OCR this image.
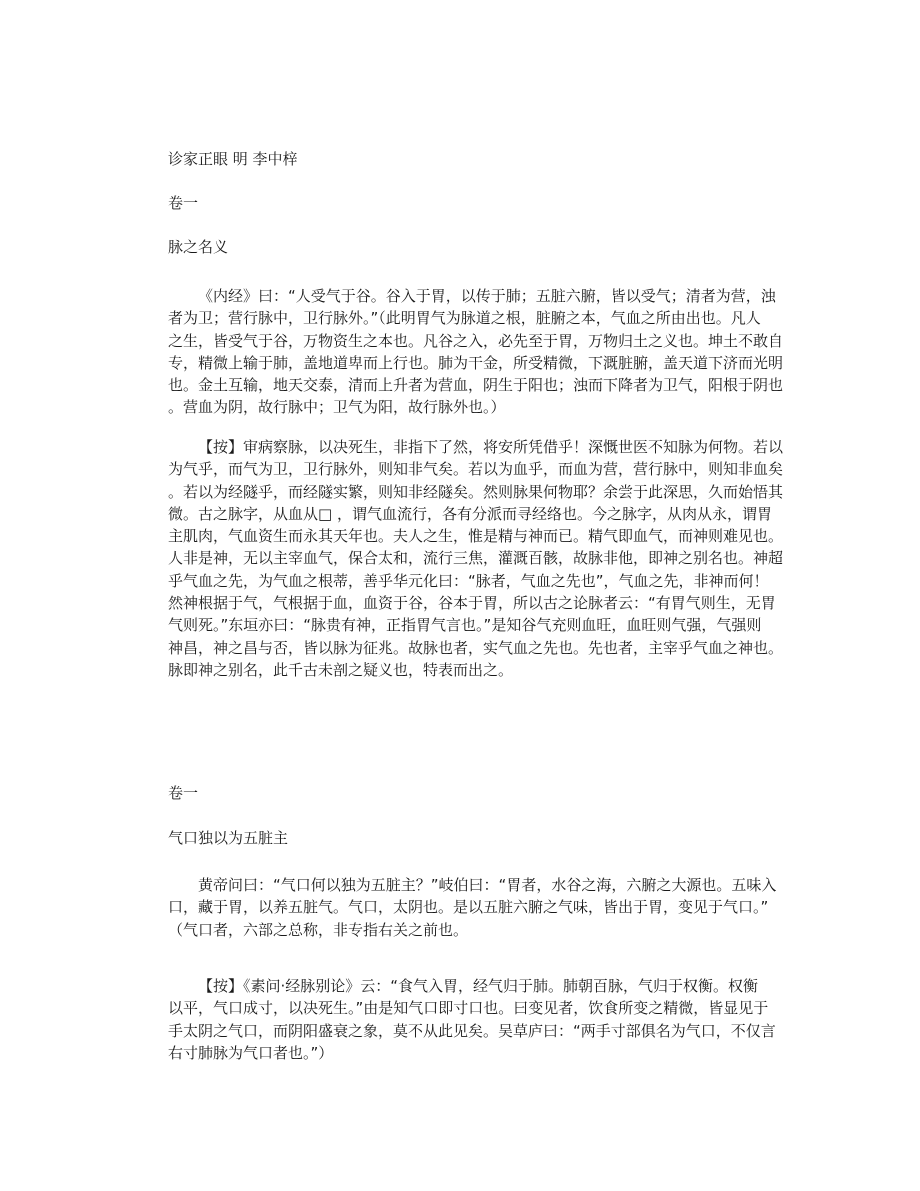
诊家正眼 明 李中梓
卷一
脉之名义
《内经》曰：“人受气于谷。谷入于胃，以传于肺；五脏六腑，皆以受气；清者为营，浊
者为卫；营行脉中，卫行脉外。”（此明胃气为脉道之根，脏腑之本，气血之所由出也。凡人
之生，皆受气于谷，万物资生之本也。凡谷之入，必先至于胃，万物归土之义也。坤土不敢自
专，精微上输于肺，盖地道卑而上行也。肺为干金，所受精微，下溉脏腑，盖天道下济而光明
也。金土互输，地天交泰，清而上升者为营血，阴生于阳也；浊而下降者为卫气，阳根于阴也
。营血为阴，故行脉中；卫气为阳，故行脉外也。）
【按】审病察脉，以决死生，非指下了然，将安所凭借乎！深慨世医不知脉为何物。若以
为气乎，而气为卫，卫行脉外，则知非气矣。若以为血乎，而血为营，营行脉中，则知非血矣
。若以为经隧乎，而经隧实繁，则知非经隧矣。然则脉果何物耶？余尝于此深思，久而始悟其
微。古之脉字，从血从□ ，谓气血流行，各有分派而寻经络也。今之脉字，从肉从永，谓胃
主肌肉，气血资生而永其天年也。夫人之生，惟是精与神而已。精气即血气，而神则难见也。
人非是神，无以主宰血气，保合太和，流行三焦，灌溉百骸，故脉非他，即神之别名也。神超
乎气血之先，为气血之根蒂，善乎华元化曰：“脉者，气血之先也”，气血之先，非神而何！
然神根据于气，气根据于血，血资于谷，谷本于胃，所以古之论脉者云：“有胃气则生，无胃
气则死。”东垣亦曰：“脉贵有神，正指胃气言也。”是知谷气充则血旺，血旺则气强，气强则
神昌，神之昌与否，皆以脉为征兆。故脉也者，实气血之先也。先也者，主宰乎气血之神也。
脉即神之别名，此千古未剖之疑义也，特表而出之。
卷一
气口独以为五脏主
黄帝问曰：“气口何以独为五脏主？”岐伯曰：“胃者，水谷之海，六腑之大源也。五味入
口，藏于胃，以养五脏气。气口，太阴也。是以五脏六腑之气味，皆出于胃，变见于气口。”
（气口者，六部之总称，非专指右关之前也。
【按】《素问·经脉别论》云：“食气入胃，经气归于肺。肺朝百脉，气归于权衡。权衡
以平，气口成寸，以决死生。”由是知气口即寸口也。曰变见者，饮食所变之精微，皆显见于
手太阴之气口，而阴阳盛衰之象，莫不从此见矣。吴草庐曰：“两手寸部俱名为气口，不仅言
右寸肺脉为气口者也。”）
